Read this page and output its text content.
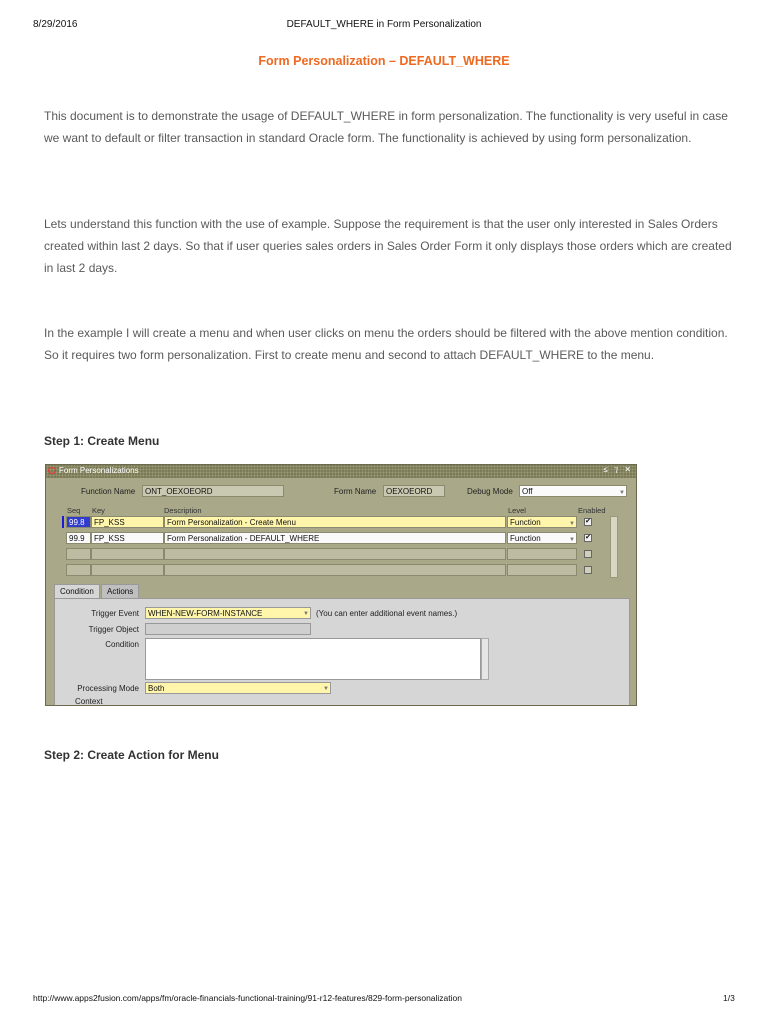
8/29/2016	DEFAULT_WHERE in Form Personalization
Form Personalization – DEFAULT_WHERE

This document is to demonstrate the usage of DEFAULT_WHERE in form personalization. The functionality is very useful in case we want to default or filter transaction in standard Oracle form. The functionality is achieved by using form personalization.

Lets understand this function with the use of example. Suppose the requirement is that the user only interested in Sales Orders created within last 2 days. So that if user queries sales orders in Sales Order Form it only displays those orders which are created in last 2 days.

In the example I will create a menu and when user clicks on menu the orders should be filtered with the above mention condition. So it requires two form personalization. First to create menu and second to attach DEFAULT_WHERE to the menu.

Step 1: Create Menu
Form Personalizations	≤ ⁊ ✕
Function Name	ONT_OEXOEORD	Form Name	OEXOEORD	Debug Mode	Off	▼
Seq Key	Description	Level	Enabled
99.8	FP_KSS	Form Personalization - Create Menu	Function	▼ ✔
99.9	FP_KSS	Form Personalization - DEFAULT_WHERE	Function	▼ ✔
Condition	Actions
Trigger Event	WHEN-NEW-FORM-INSTANCE	▼ (You can enter additional event names.)
Trigger Object
Condition
Processing Mode	Both	▼
Context
Step 2: Create Action for Menu
http://www.apps2fusion.com/apps/fm/oracle-financials-functional-training/91-r12-features/829-form-personalization	1/3
